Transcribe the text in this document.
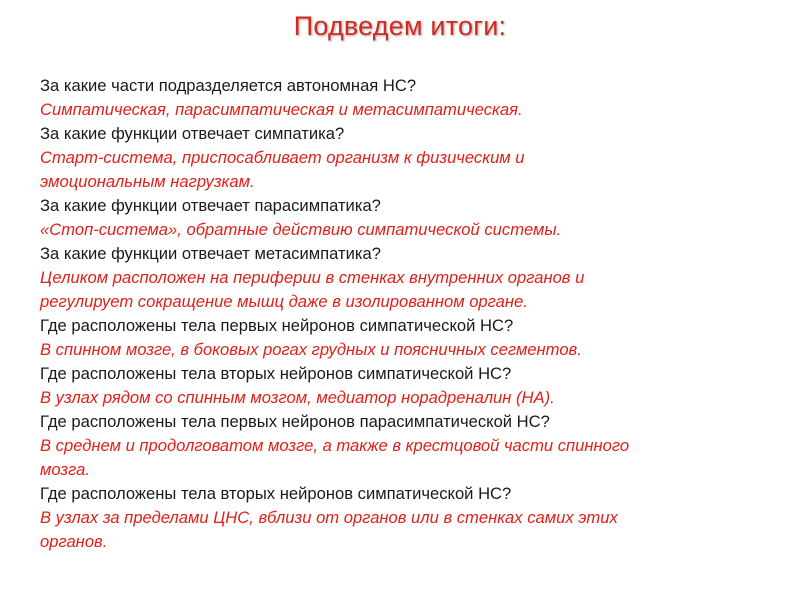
Подведем итоги:
За какие части подразделяется автономная НС?
Симпатическая, парасимпатическая и метасимпатическая.
За какие функции отвечает симпатика?
Старт-система, приспосабливает организм к физическим и
эмоциональным нагрузкам.
За какие функции отвечает парасимпатика?
«Стоп-система», обратные действию симпатической системы.
За какие функции отвечает метасимпатика?
Целиком расположен на периферии в стенках внутренних органов и
регулирует сокращение мышц даже в изолированном органе.
Где расположены тела первых нейронов симпатической НС?
В спинном мозге, в боковых рогах грудных и поясничных сегментов.
Где расположены тела вторых нейронов симпатической НС?
В узлах рядом со спинным мозгом, медиатор норадреналин (НА).
Где расположены тела первых нейронов парасимпатической НС?
В среднем и продолговатом мозге, а также в крестцовой части спинного
мозга.
Где расположены тела вторых нейронов симпатической НС?
В узлах за пределами ЦНС, вблизи от органов или в стенках самих этих
органов.
